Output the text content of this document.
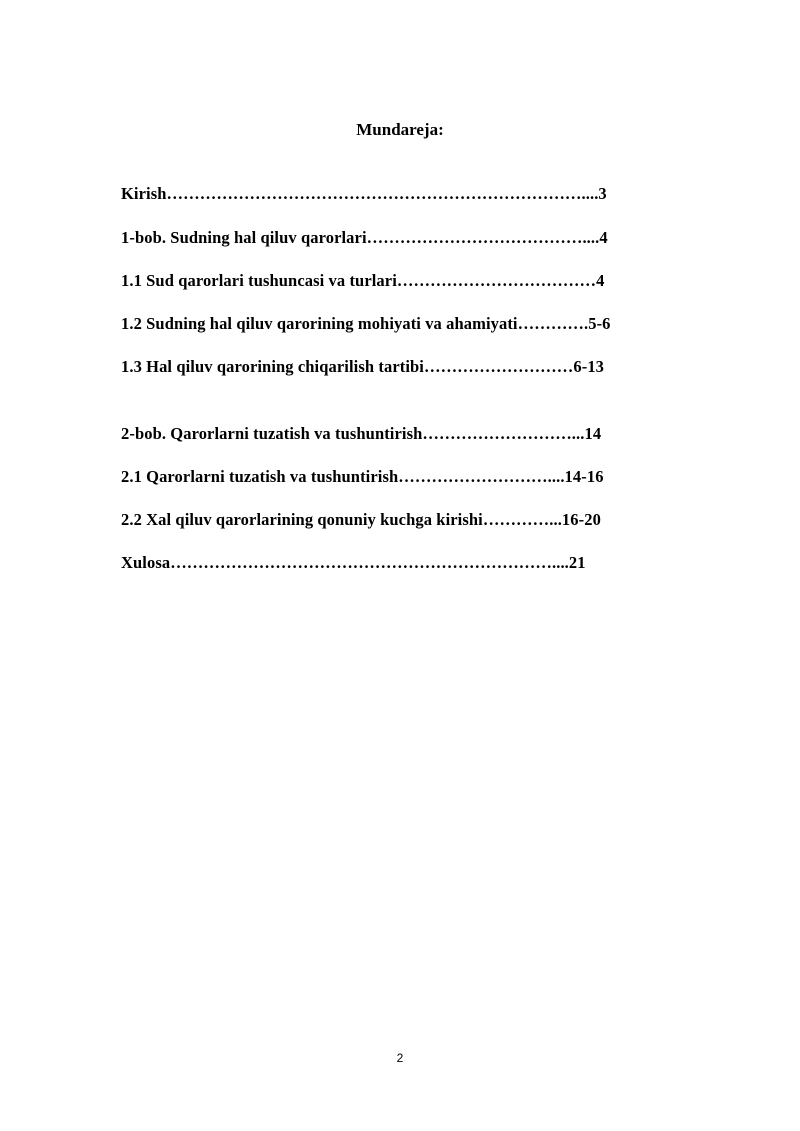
Mundareja:
Kirish…………………………………………………………………....3
1-bob. Sudning hal qiluv qarorlari…………………………………....4
1.1 Sud qarorlari tushuncasi va turlari………………………………4
1.2 Sudning hal qiluv qarorining mohiyati va ahamiyati………….5-6
1.3 Hal qiluv qarorining chiqarilish tartibi………………………6-13
2-bob. Qarorlarni tuzatish va tushuntirish………………………...14
2.1 Qarorlarni tuzatish va tushuntirish………………………....14-16
2.2 Xal qiluv qarorlarining qonuniy kuchga kirishi…………...16-20
Xulosa……………………………………………………………....21
2
